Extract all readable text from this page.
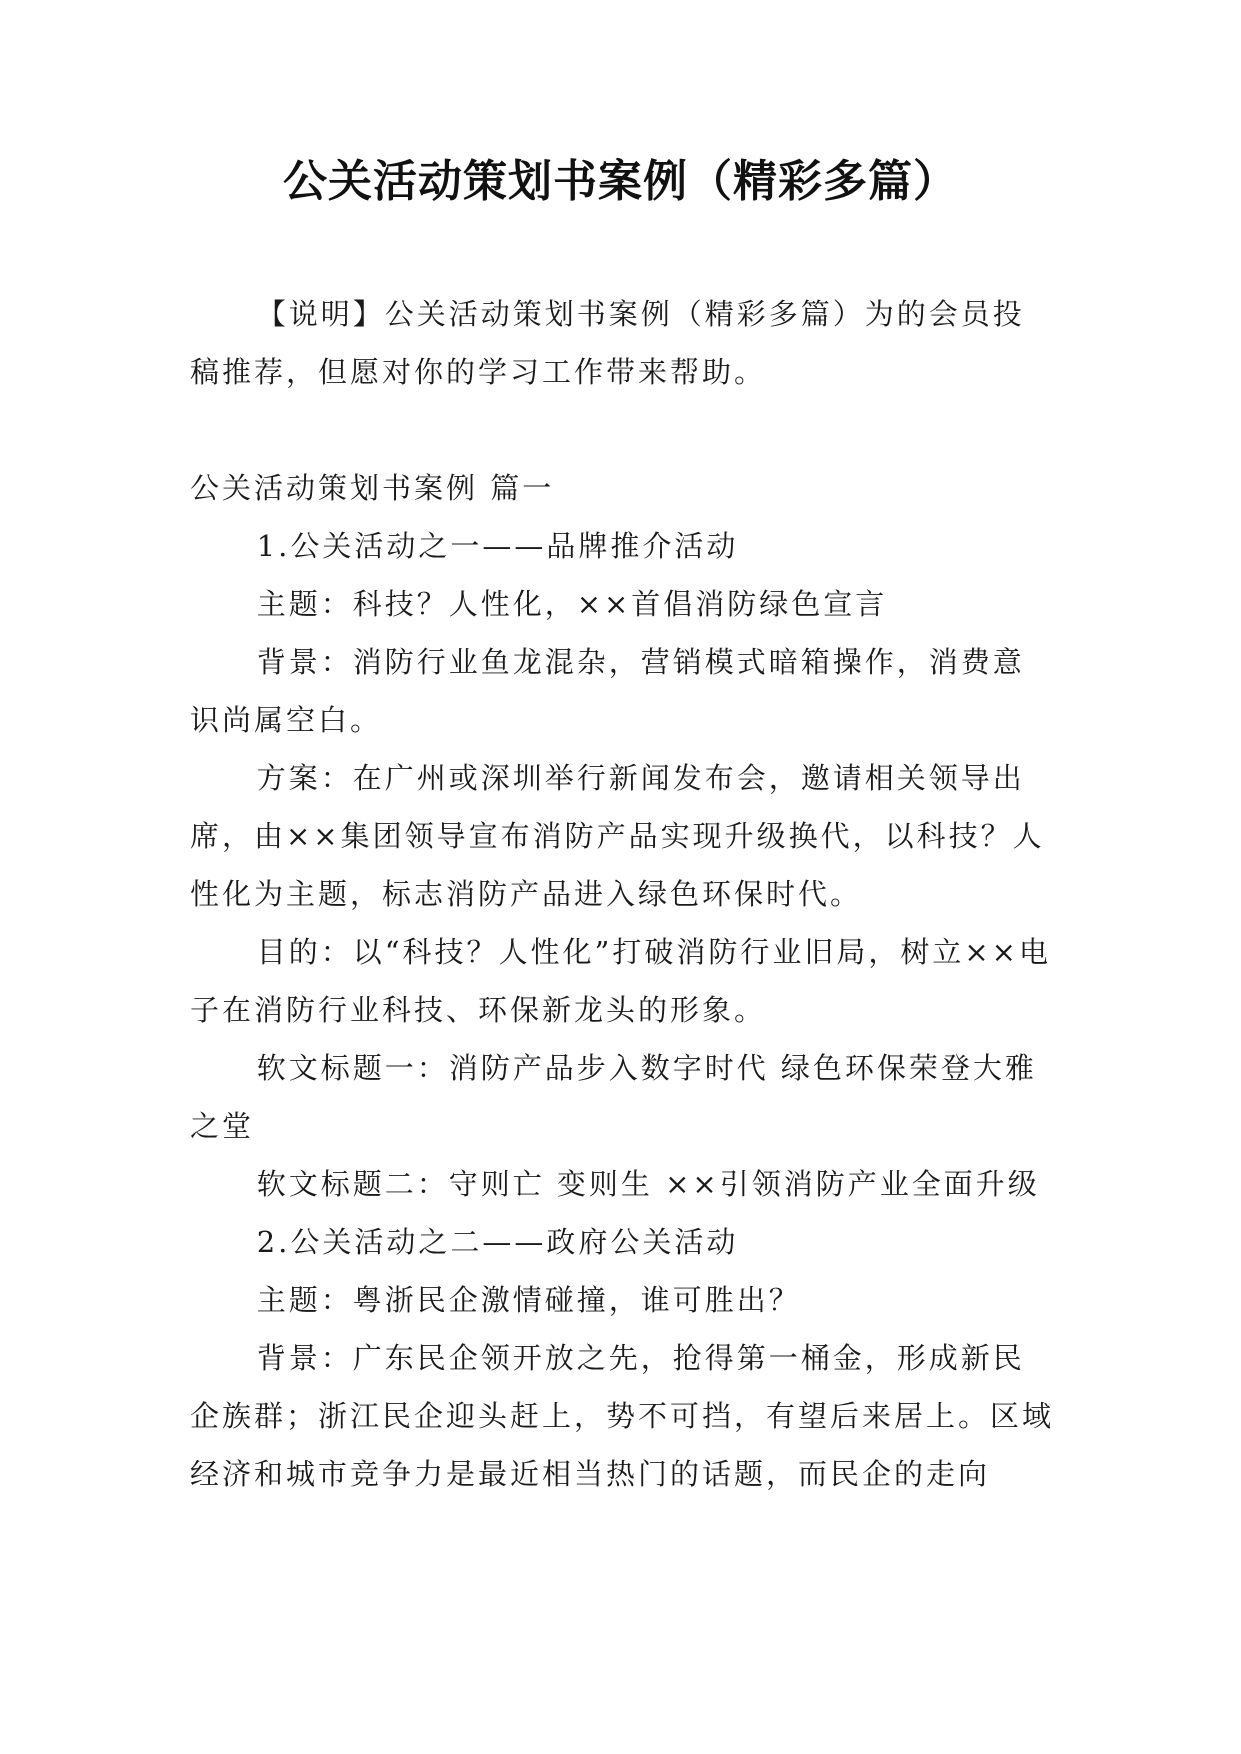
公关活动策划书案例（精彩多篇）

【说明】公关活动策划书案例（精彩多篇）为的会员投稿推荐，但愿对你的学习工作带来帮助。

公关活动策划书案例 篇一

1.公关活动之一——品牌推介活动

主题：科技？人性化，××首倡消防绿色宣言

背景：消防行业鱼龙混杂，营销模式暗箱操作，消费意识尚属空白。

方案：在广州或深圳举行新闻发布会，邀请相关领导出席，由××集团领导宣布消防产品实现升级换代，以科技？人性化为主题，标志消防产品进入绿色环保时代。

目的：以“科技？人性化”打破消防行业旧局，树立××电子在消防行业科技、环保新龙头的形象。

软文标题一：消防产品步入数字时代 绿色环保荣登大雅之堂

软文标题二：守则亡 变则生 ××引领消防产业全面升级

2.公关活动之二——政府公关活动

主题：粤浙民企激情碰撞，谁可胜出？

背景：广东民企领开放之先，抢得第一桶金，形成新民企族群；浙江民企迎头赶上，势不可挡，有望后来居上。区域经济和城市竞争力是最近相当热门的话题，而民企的走向
